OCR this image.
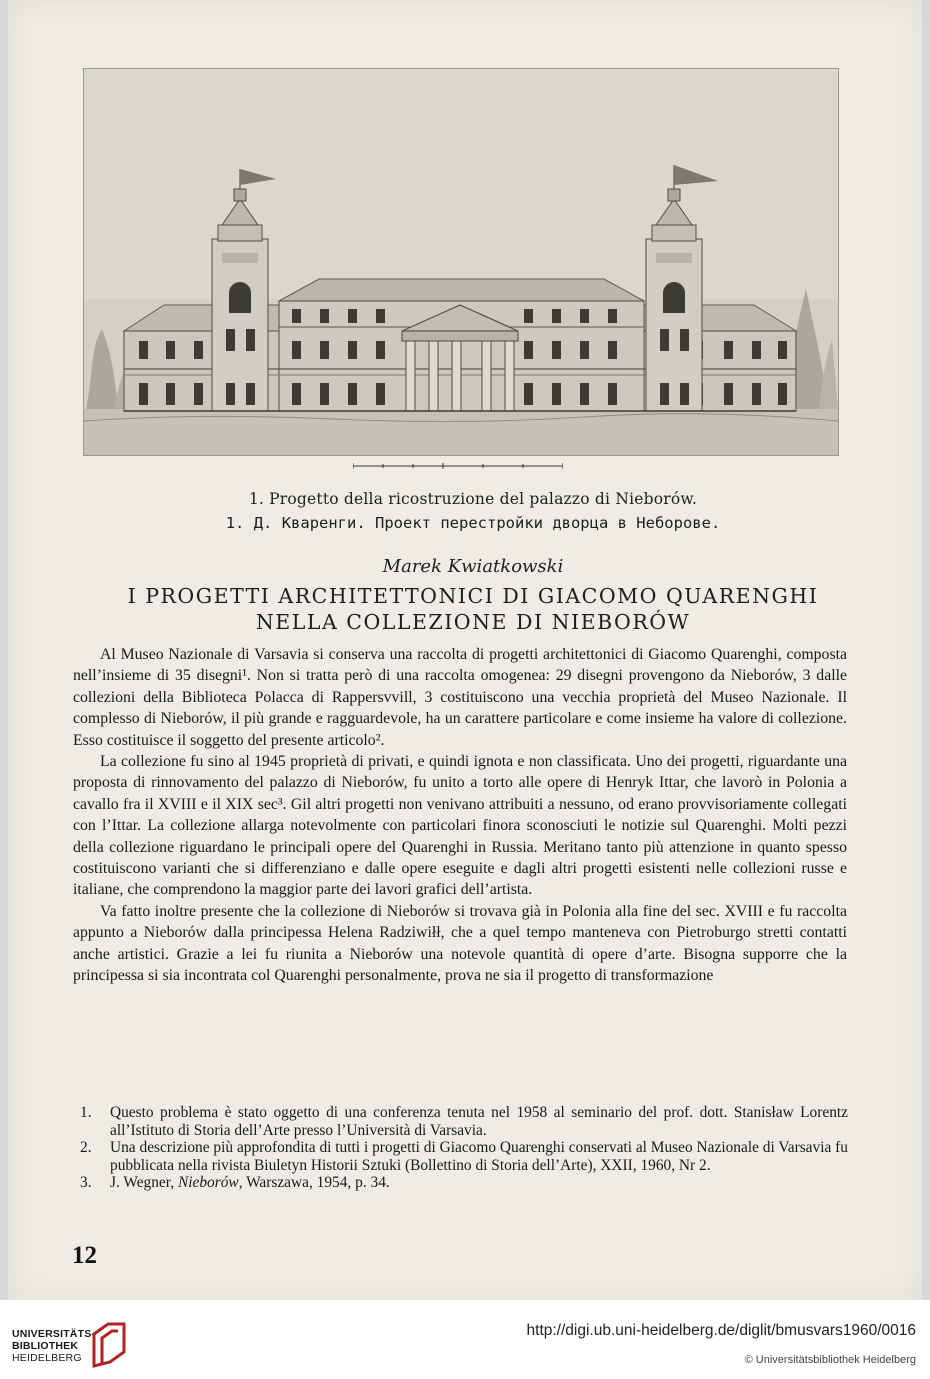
1. Progetto della ricostruzione del palazzo di Nieborów.
1. Д. Кваренги. Проект перестройки дворца в Неборове.
Marek Kwiatkowski
I PROGETTI ARCHITETTONICI DI GIACOMO QUARENGHI
NELLA COLLEZIONE DI NIEBORÓW

Al Museo Nazionale di Varsavia si conserva una raccolta di progetti architettonici di Giacomo Quarenghi, composta nell’insieme di 35 disegni¹. Non si tratta però di una raccolta omogenea: 29 disegni provengono da Nieborów, 3 dalle collezioni della Biblioteca Polacca di Rappersvvill, 3 costituiscono una vecchia proprietà del Museo Nazionale. Il complesso di Nieborów, il più grande e ragguardevole, ha un carattere particolare e come insieme ha valore di collezione. Esso costituisce il soggetto del presente articolo².

La collezione fu sino al 1945 proprietà di privati, e quindi ignota e non classificata. Uno dei progetti, riguardante una proposta di rinnovamento del palazzo di Nieborów, fu unito a torto alle opere di Henryk Ittar, che lavorò in Polonia a cavallo fra il XVIII e il XIX sec³. Gil altri progetti non venivano attribuiti a nessuno, od erano provvisoriamente collegati con l’Ittar. La collezione allarga notevolmente con particolari finora sconosciuti le notizie sul Quarenghi. Molti pezzi della collezione riguardano le principali opere del Quarenghi in Russia. Meritano tanto più attenzione in quanto spesso costituiscono varianti che si differenziano e dalle opere eseguite e dagli altri progetti esistenti nelle collezioni russe e italiane, che comprendono la maggior parte dei lavori grafici dell’artista.

Va fatto inoltre presente che la collezione di Nieborów si trovava già in Polonia alla fine del sec. XVIII e fu raccolta appunto a Nieborów dalla principessa Helena Radziwiłł, che a quel tempo manteneva con Pietroburgo stretti contatti anche artistici. Grazie a lei fu riunita a Nieborów una notevole quantità di opere d’arte. Bisogna supporre che la principessa si sia incontrata col Quarenghi personalmente, prova ne sia il progetto di transformazione

1.	Questo problema è stato oggetto di una conferenza tenuta nel 1958 al seminario del prof. dott. Stanisław Lorentz all’Istituto di Storia dell’Arte presso l’Università di Varsavia.
2.	Una descrizione più approfondita di tutti i progetti di Giacomo Quarenghi conservati al Museo Nazionale di Varsavia fu pubblicata nella rivista Biuletyn Historii Sztuki (Bollettino di Storia dell’Arte), XXII, 1960, Nr 2.
3.	J. Wegner, Nieborów, Warszawa, 1954, p. 34.
12
UNIVERSITÄTS-
BIBLIOTHEK
HEIDELBERG
http://digi.ub.uni-heidelberg.de/diglit/bmusvars1960/0016
© Universitätsbibliothek Heidelberg
